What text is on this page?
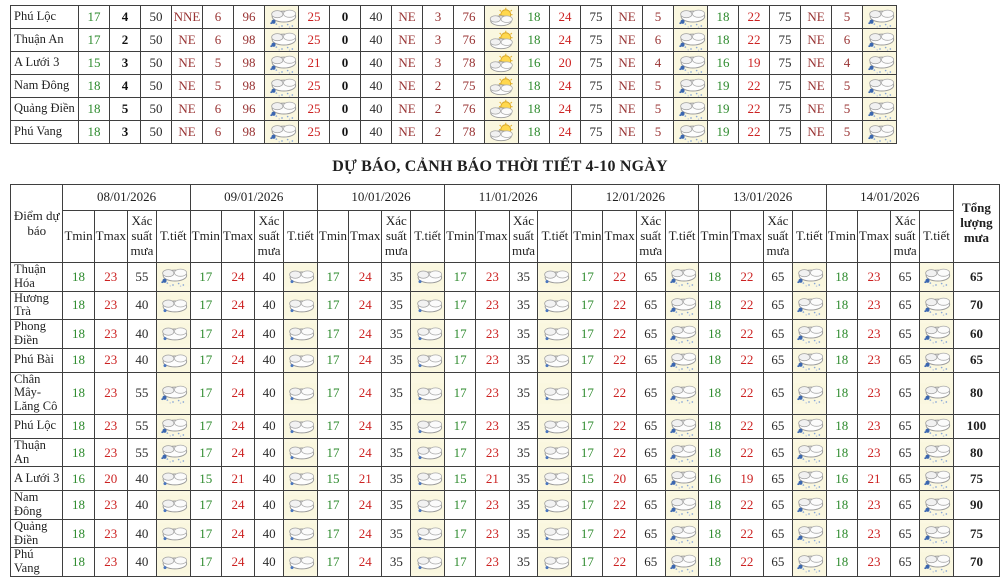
Phú Lộc	17	4	50	NNE	6	96		25	0	40	NE	3	76		18	24	75	NE	5		18	22	75	NE	5	

Thuận An	17	2	50	NE	6	98		25	0	40	NE	3	76		18	24	75	NE	6		18	22	75	NE	6	

A Lưới 3	15	3	50	NE	5	98		21	0	40	NE	3	78		16	20	75	NE	4		16	19	75	NE	4	

Nam Đông	18	4	50	NE	5	98		25	0	40	NE	2	75		18	24	75	NE	5		19	22	75	NE	5	

Quảng Điền	18	5	50	NE	6	96		25	0	40	NE	2	76		18	24	75	NE	5		19	22	75	NE	5	

Phú Vang	18	3	50	NE	6	98		25	0	40	NE	2	78		18	24	75	NE	5		19	22	75	NE	5	
DỰ BÁO, CẢNH BÁO THỜI TIẾT 4-10 NGÀY
Điểm dự báo	08/01/2026				09/01/2026				10/01/2026				11/01/2026				12/01/2026				13/01/2026				14/01/2026				Tổng lượng mưa
	Tmin	Tmax	Xác suất mưa	T.tiết	Tmin	Tmax	Xác suất mưa	T.tiết	Tmin	Tmax	Xác suất mưa	T.tiết	Tmin	Tmax	Xác suất mưa	T.tiết	Tmin	Tmax	Xác suất mưa	T.tiết	Tmin	Tmax	Xác suất mưa	T.tiết	Tmin	Tmax	Xác suất mưa	T.tiết	
Thuận Hóa	18	23	55		17	24	40		17	24	35		17	23	35		17	22	65		18	22	65		18	23	65		65
Hương Trà	18	23	40		17	24	40		17	24	35		17	23	35		17	22	65		18	22	65		18	23	65		70
Phong Điền	18	23	40		17	24	40		17	24	35		17	23	35		17	22	65		18	22	65		18	23	65		60
Phú Bài	18	23	40		17	24	40		17	24	35		17	23	35		17	22	65		18	22	65		18	23	65		65
Chân Mây-Lăng Cô	18	23	55		17	24	40		17	24	35		17	23	35		17	22	65		18	22	65		18	23	65		80
Phú Lộc	18	23	55		17	24	40		17	24	35		17	23	35		17	22	65		18	22	65		18	23	65		100
Thuận An	18	23	55		17	24	40		17	24	35		17	23	35		17	22	65		18	22	65		18	23	65		80
A Lưới 3	16	20	40		15	21	40		15	21	35		15	21	35		15	20	65		16	19	65		16	21	65		75
Nam Đông	18	23	40		17	24	40		17	24	35		17	23	35		17	22	65		18	22	65		18	23	65		90
Quảng Điền	18	23	40		17	24	40		17	24	35		17	23	35		17	22	65		18	22	65		18	23	65		75
Phú Vang	18	23	40		17	24	40		17	24	35		17	23	35		17	22	65		18	22	65		18	23	65		70
